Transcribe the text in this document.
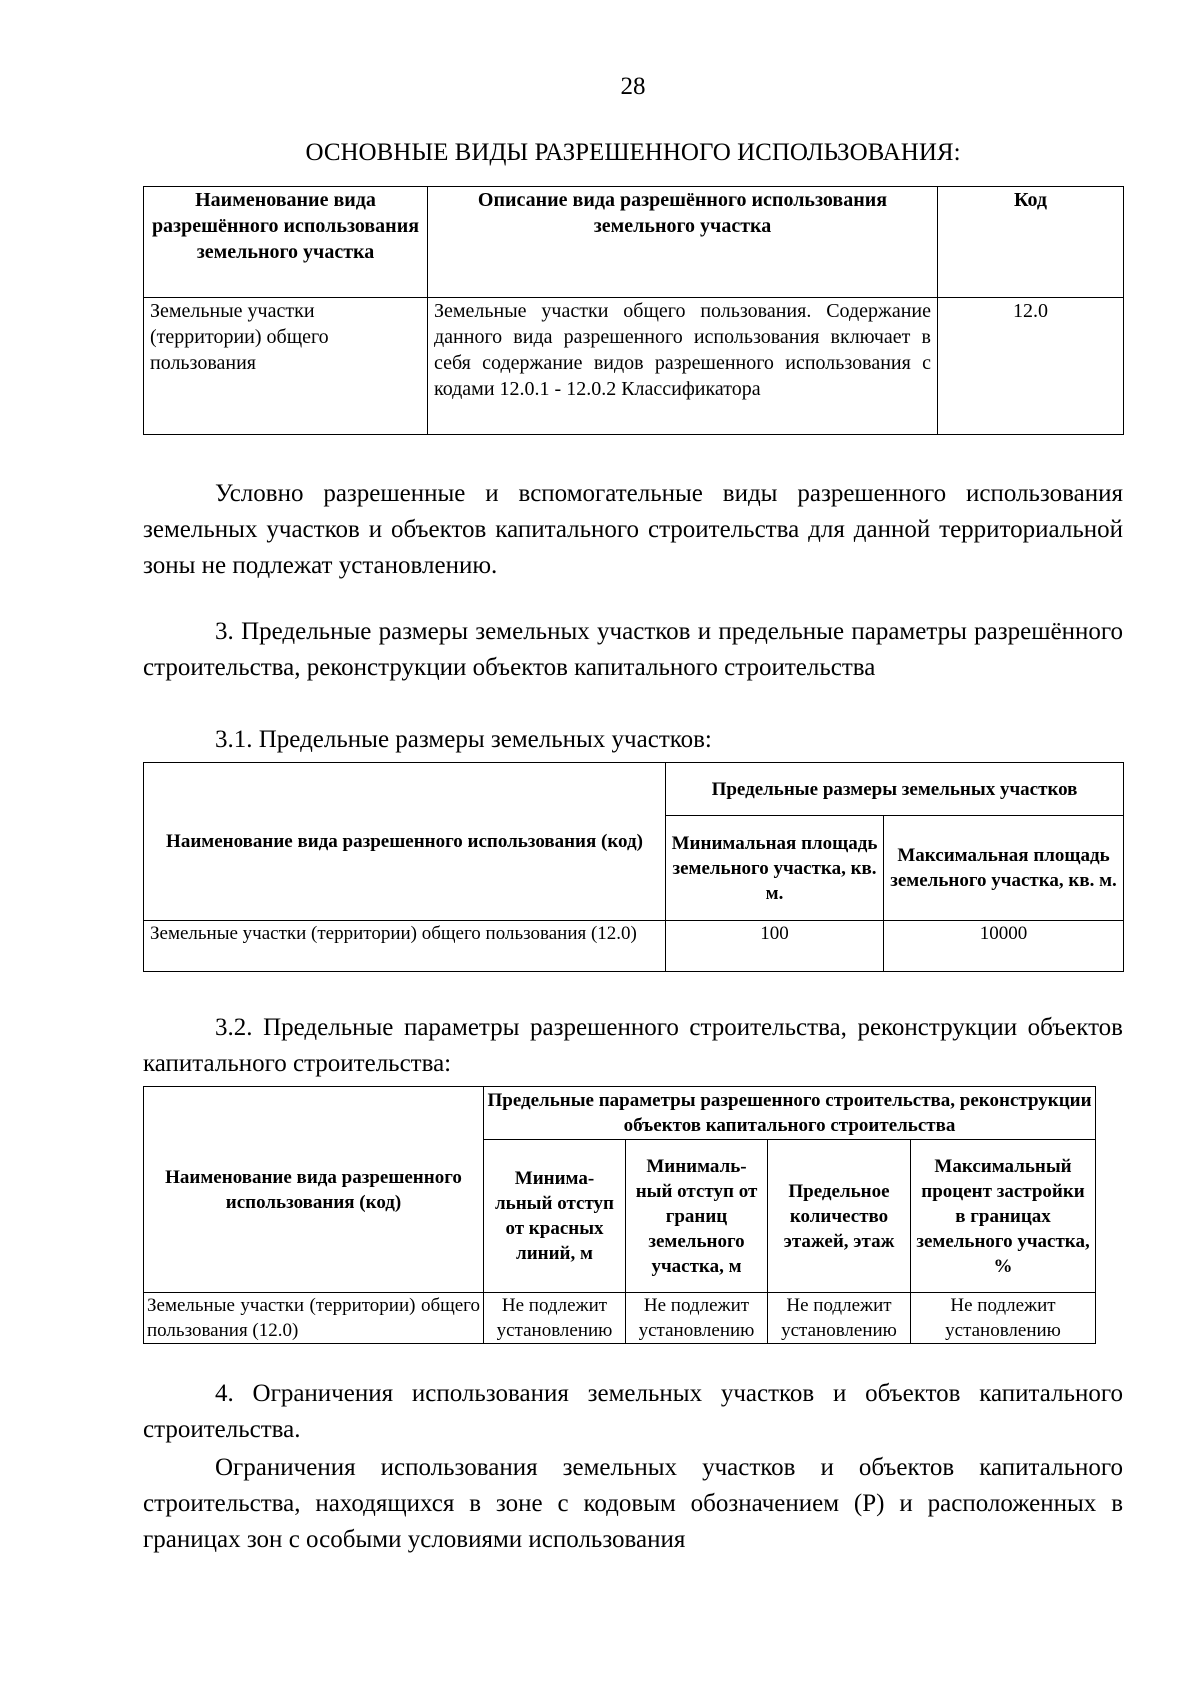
28
ОСНОВНЫЕ ВИДЫ РАЗРЕШЕННОГО ИСПОЛЬЗОВАНИЯ:
Наименование вида разрешённого использования земельного участка	Описание вида разрешённого использования земельного участка	Код
Земельные участки (территории) общего пользования	Земельные участки общего пользования. Содержание данного вида разрешенного использования включает в себя содержание видов разрешенного использования с кодами 12.0.1 - 12.0.2 Классификатора	12.0

Условно разрешенные и вспомогательные виды разрешенного использования земельных участков и объектов капитального строительства для данной территориальной зоны не подлежат установлению.

3. Предельные размеры земельных участков и предельные параметры разрешённого строительства, реконструкции объектов капитального строительства

3.1. Предельные размеры земельных участков:

Наименование вида разрешенного использования (код)	Предельные размеры земельных участков	
	Минимальная площадь земельного участка, кв. м.	Максимальная площадь земельного участка, кв. м.
Земельные участки (территории) общего пользования (12.0)	100	10000

3.2. Предельные параметры разрешенного строительства, реконструкции объектов капитального строительства:

Наименование вида разрешенного использования (код)	Предельные параметры разрешенного строительства, реконструкции объектов капитального строительства			
	Минима-льный отступ от красных линий, м	Минималь-ный отступ от границ земельного участка, м	Предельное количество этажей, этаж	Максимальный процент застройки в границах земельного участка, %
Земельные участки (территории) общего пользования (12.0)	Не подлежит установлению	Не подлежит установлению	Не подлежит установлению	Не подлежит установлению

4. Ограничения использования земельных участков и объектов капитального строительства.

Ограничения использования земельных участков и объектов капитального строительства, находящихся в зоне с кодовым обозначением (Р) и расположенных в границах зон с особыми условиями использования
